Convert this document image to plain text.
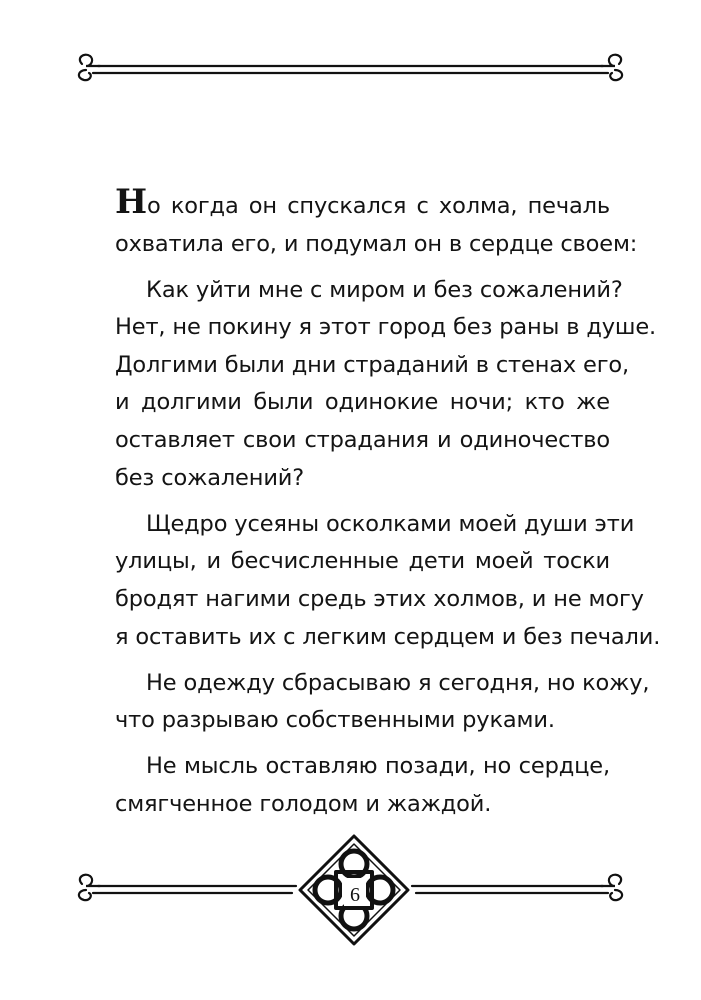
Но когда он спускался с холма, печаль
охватила его, и подумал он в сердце своем:

Как уйти мне с миром и без сожалений?
Нет, не покину я этот город без раны в душе.
Долгими были дни страданий в стенах его,
и долгими были одинокие ночи; кто же
оставляет свои страдания и одиночество
без сожалений?

Щедро усеяны осколками моей души эти
улицы, и бесчисленные дети моей тоски
бродят нагими средь этих холмов, и не могу
я оставить их с легким сердцем и без печали.

Не одежду сбрасываю я сегодня, но кожу,
что разрываю собственными руками.

Не мысль оставляю позади, но сердце,
смягченное голодом и жаждой.

6
